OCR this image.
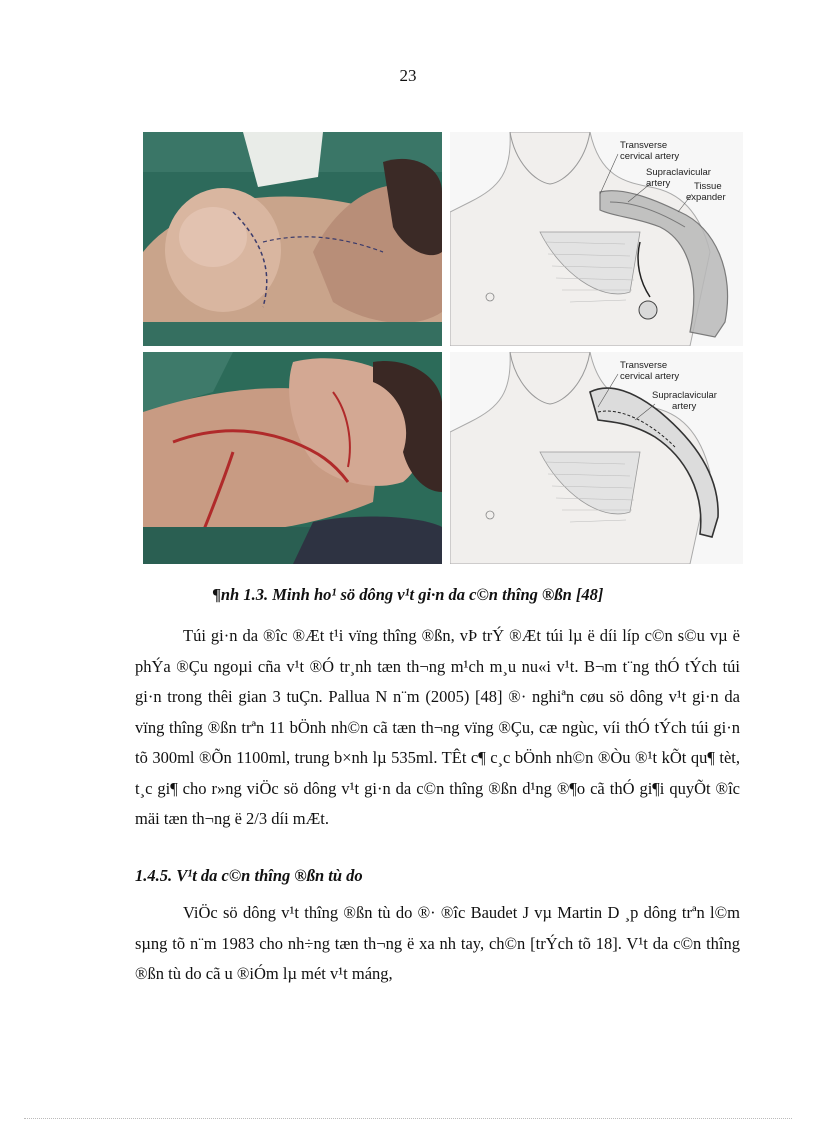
23
Transverse
cervical artery
Supraclavicular
artery Tissue
expander
Transverse
cervical artery
Supraclavicular
artery
¶nh 1.3. Minh ho¹ sö dông v¹t gi·n da c©n thîng ®ßn [48]
Túi gi·n da ®îc ®Æt t¹i vïng thîng ®ßn, vÞ trÝ ®Æt túi lµ ë díi líp c©n s©u vµ ë phÝa ®Çu ngoµi cña v¹t ®Ó tr¸nh tæn th¬ng m¹ch m¸u nu«i v¹t. B¬m t¨ng thÓ tÝch túi gi·n trong thêi gian 3 tuÇn. Pallua N n¨m (2005) [48] ®· nghiªn cøu sö dông v¹t gi·n da vïng thîng ®ßn trªn 11 bÖnh nh©n cã tæn th¬ng vïng ®Çu, cæ ngùc, víi thÓ tÝch túi gi·n tõ 300ml ®Õn 1100ml, trung b×nh lµ 535ml. TÊt c¶ c¸c bÖnh nh©n ®Òu ®¹t kÕt qu¶ tèt, t¸c gi¶ cho r»ng viÖc sö dông v¹t gi·n da c©n thîng ®ßn d¹ng ®¶o cã thÓ gi¶i quyÕt ®îc mäi tæn th¬ng ë 2/3 díi mÆt.
1.4.5. V¹t da c©n thîng ®ßn tù do
ViÖc sö dông v¹t thîng ®ßn tù do ®· ®îc Baudet J vµ Martin D ¸p dông trªn l©m sµng tõ n¨m 1983 cho nh÷ng tæn th¬ng ë xa nh tay, ch©n [trÝch tõ 18]. V¹t da c©n thîng ®ßn tù do cã u ®iÓm lµ mét v¹t máng,
